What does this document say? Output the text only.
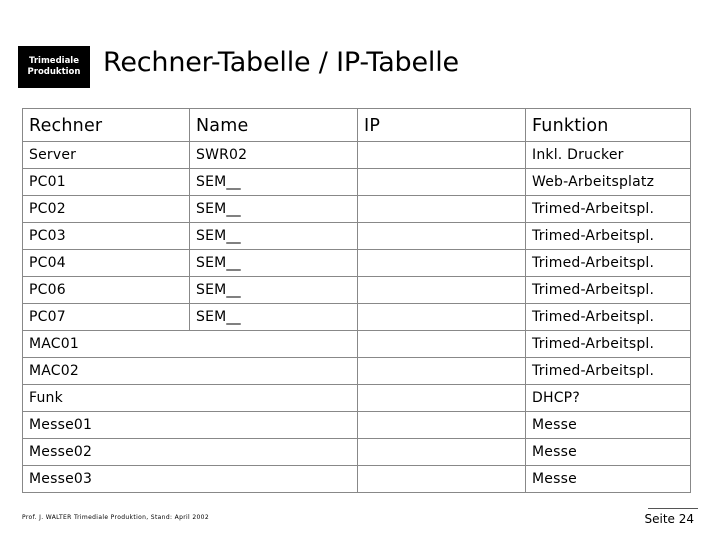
Trimediale
Produktion Rechner-Tabelle / IP-Tabelle
Rechner	Name	IP	Funktion
Server	SWR02		Inkl. Drucker
PC01	SEM__		Web-Arbeitsplatz
PC02	SEM__		Trimed-Arbeitspl.
PC03	SEM__		Trimed-Arbeitspl.
PC04	SEM__		Trimed-Arbeitspl.
PC06	SEM__		Trimed-Arbeitspl.
PC07	SEM__		Trimed-Arbeitspl.
MAC01			Trimed-Arbeitspl.
MAC02			Trimed-Arbeitspl.
Funk			DHCP?
Messe01			Messe
Messe02			Messe
Messe03			Messe
Prof. J. WALTER Trimediale Produktion, Stand: April 2002	Seite 24
